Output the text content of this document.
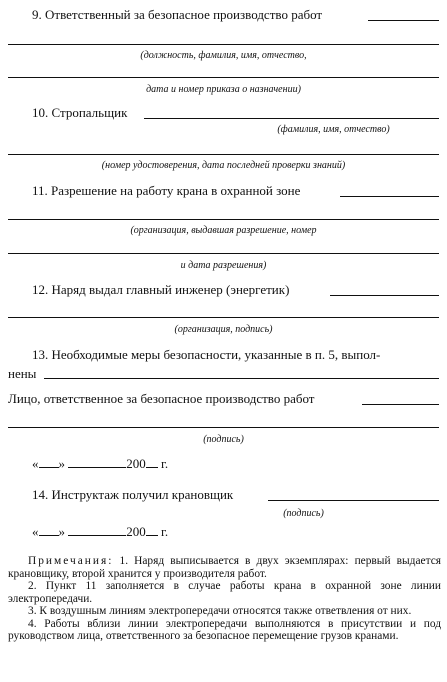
9. Ответственный за безопасное производство работ
(должность, фамилия, имя, отчество,
дата и номер приказа о назначении)
10. Стропальщик
(фамилия, имя, отчество)
(номер удостоверения, дата последней проверки знаний)
11. Разрешение на работу крана в охранной зоне
(организация, выдавшая разрешение, номер
и дата разрешения)
12. Наряд выдал главный инженер (энергетик)
(организация, подпись)
13. Необходимые меры безопасности, указанные в п. 5, выпол-
нены
Лицо, ответственное за безопасное производство работ
(подпись)
« »	200 г.
14. Инструктаж получил крановщик
(подпись)
« »	200 г.

Примечания: 1. Наряд выписывается в двух экземплярах: первый выдается крановщику, второй хранится у производителя работ.

2. Пункт 11 заполняется в случае работы крана в охранной зоне линии электропередачи.

3. К воздушным линиям электропередачи относятся также ответвления от них.

4. Работы вблизи линии электропередачи выполняются в присутствии и под руководством лица, ответственного за безопасное перемещение грузов кранами.
